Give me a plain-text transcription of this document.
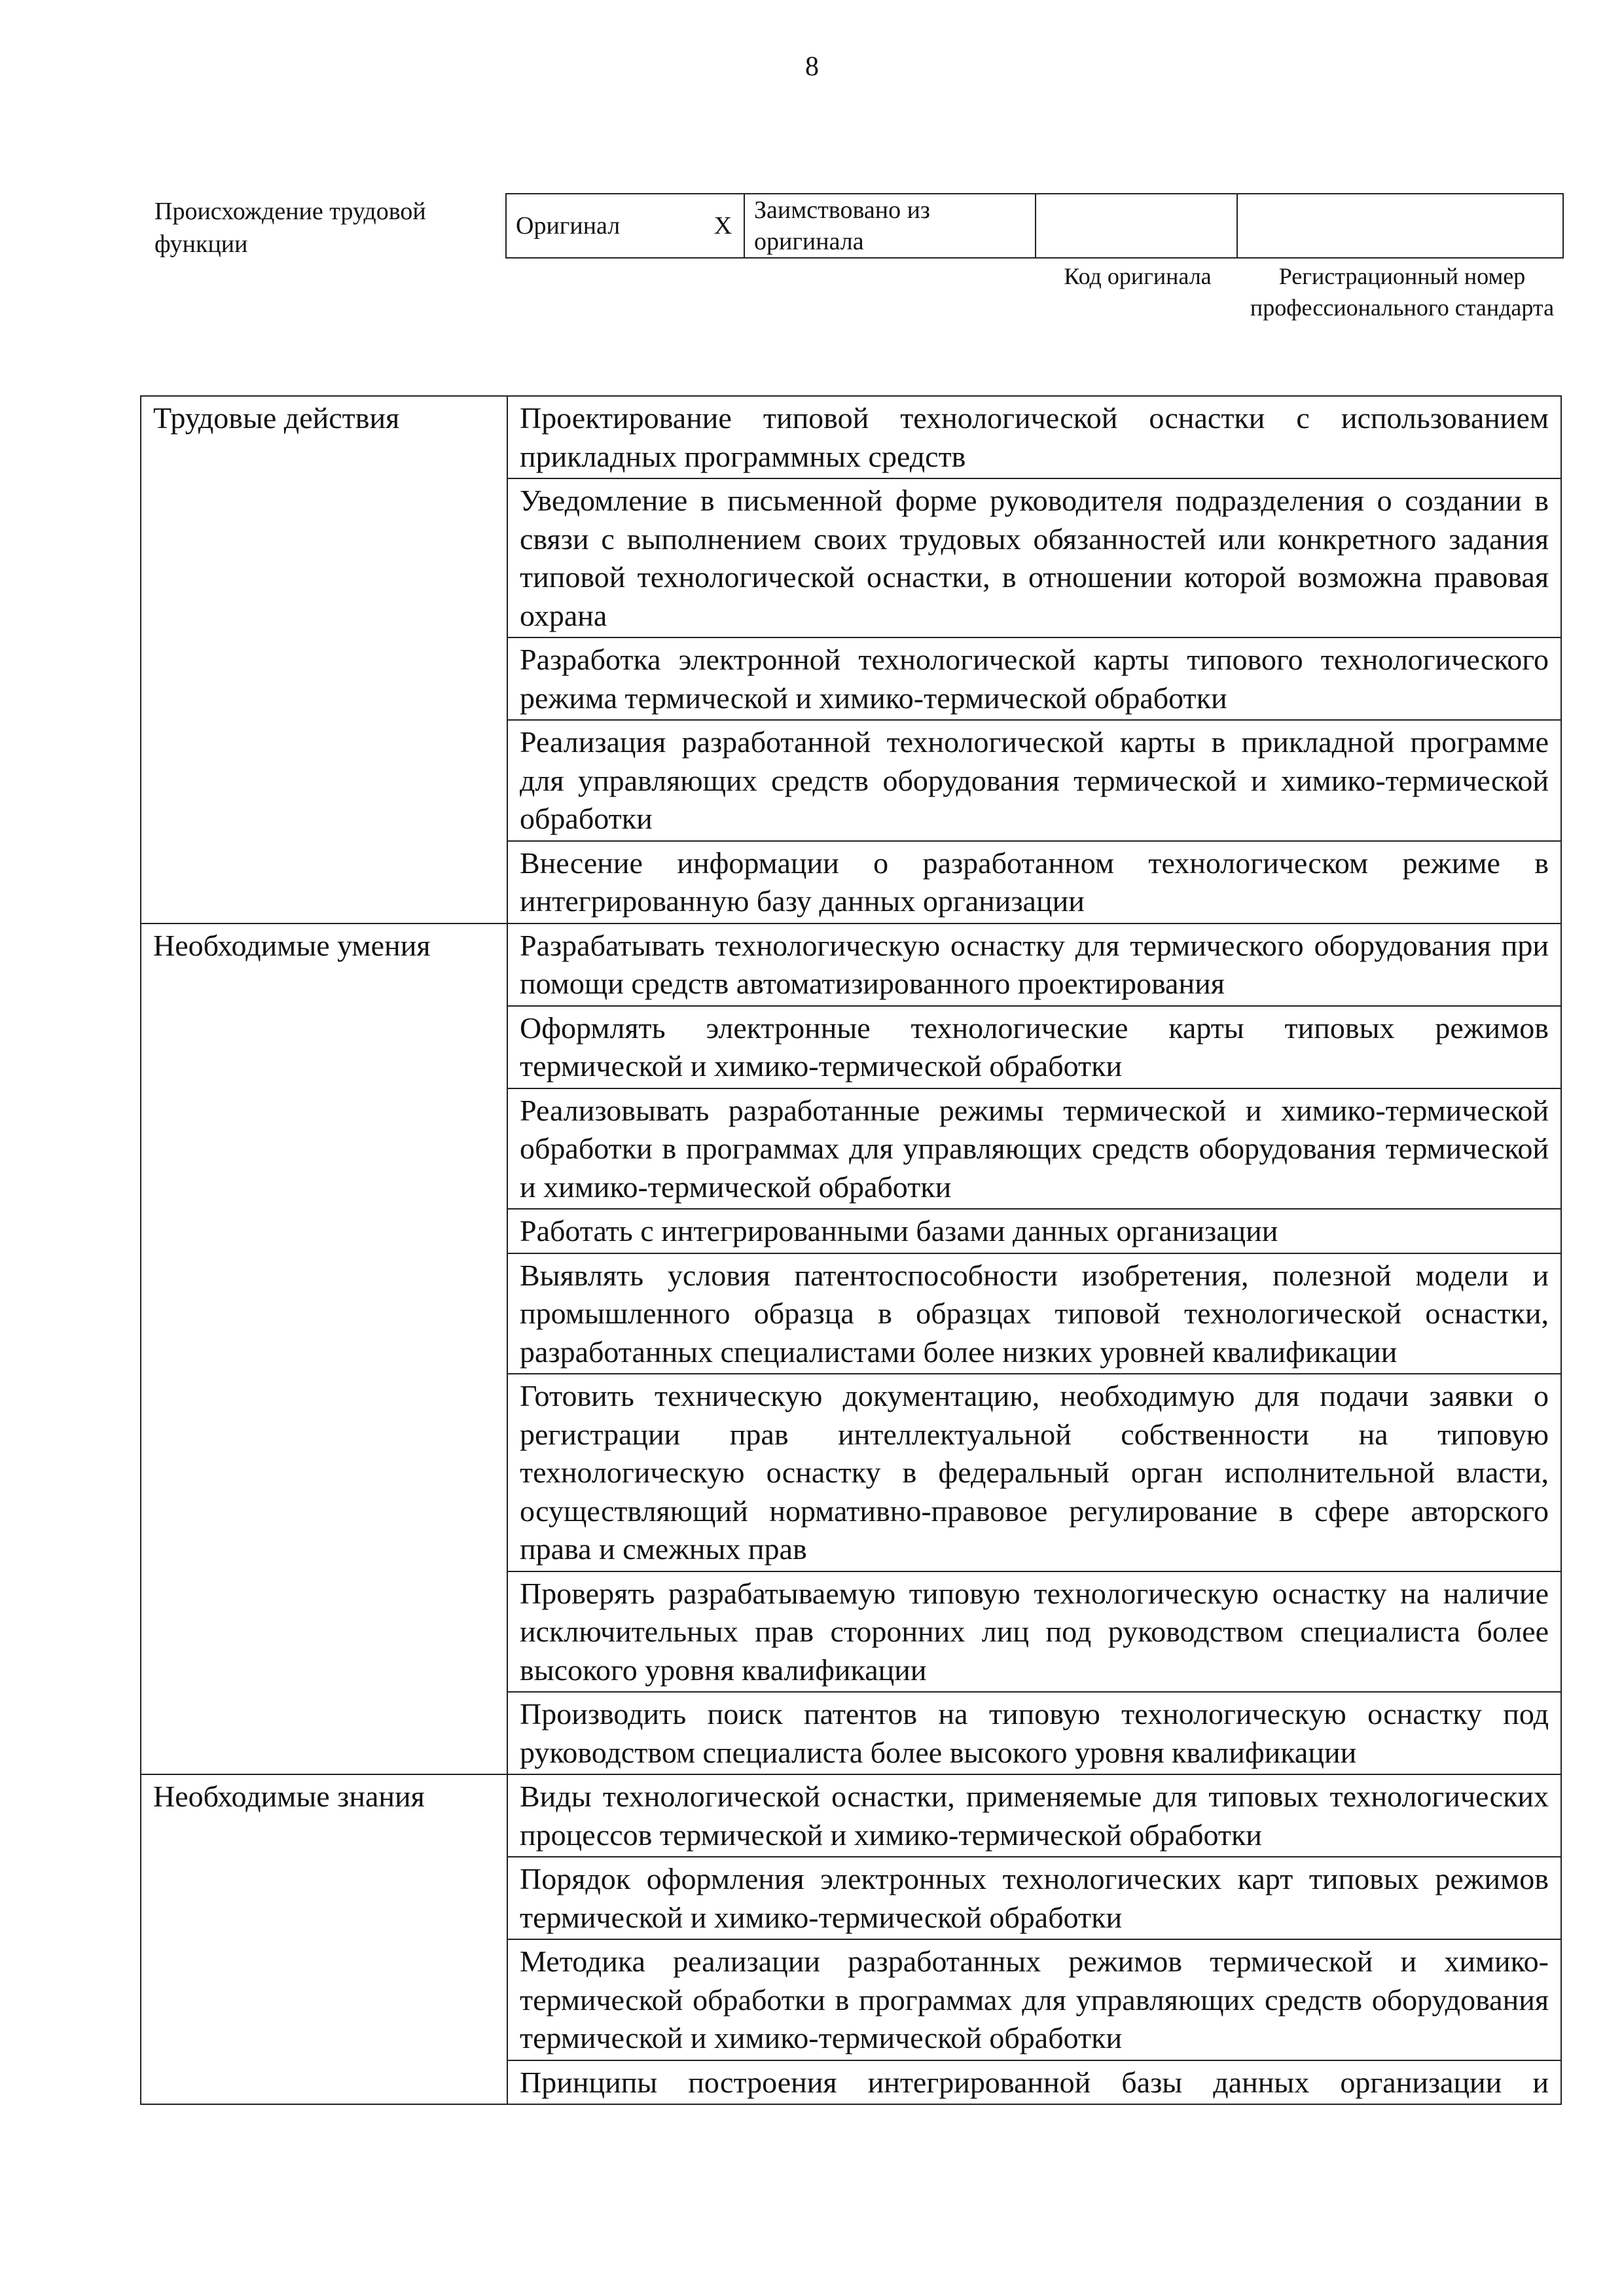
8
Происхождение трудовой функции
Оригинал	X	Заимствовано из оригинала		
Код оригинала	Регистрационный номер профессионального стандарта
Трудовые действия	Проектирование типовой технологической оснастки с использованием прикладных программных средств
	Уведомление в письменной форме руководителя подразделения о создании в связи с выполнением своих трудовых обязанностей или конкретного задания типовой технологической оснастки, в отношении которой возможна правовая охрана
	Разработка электронной технологической карты типового технологического режима термической и химико-термической обработки
	Реализация разработанной технологической карты в прикладной программе для управляющих средств оборудования термической и химико-термической обработки
	Внесение информации о разработанном технологическом режиме в интегрированную базу данных организации
Необходимые умения	Разрабатывать технологическую оснастку для термического оборудования при помощи средств автоматизированного проектирования
	Оформлять электронные технологические карты типовых режимов термической и химико-термической обработки
	Реализовывать разработанные режимы термической и химико-термической обработки в программах для управляющих средств оборудования термической и химико-термической обработки
	Работать с интегрированными базами данных организации
	Выявлять условия патентоспособности изобретения, полезной модели и промышленного образца в образцах типовой технологической оснастки, разработанных специалистами более низких уровней квалификации
	Готовить техническую документацию, необходимую для подачи заявки о регистрации прав интеллектуальной собственности на типовую технологическую оснастку в федеральный орган исполнительной власти, осуществляющий нормативно-правовое регулирование в сфере авторского права и смежных прав
	Проверять разрабатываемую типовую технологическую оснастку на наличие исключительных прав сторонних лиц под руководством специалиста более высокого уровня квалификации
	Производить поиск патентов на типовую технологическую оснастку под руководством специалиста более высокого уровня квалификации
Необходимые знания	Виды технологической оснастки, применяемые для типовых технологических процессов термической и химико-термической обработки
	Порядок оформления электронных технологических карт типовых режимов термической и химико-термической обработки
	Методика реализации разработанных режимов термической и химико-термической обработки в программах для управляющих средств оборудования термической и химико-термической обработки
	Принципы построения интегрированной базы данных организации и
